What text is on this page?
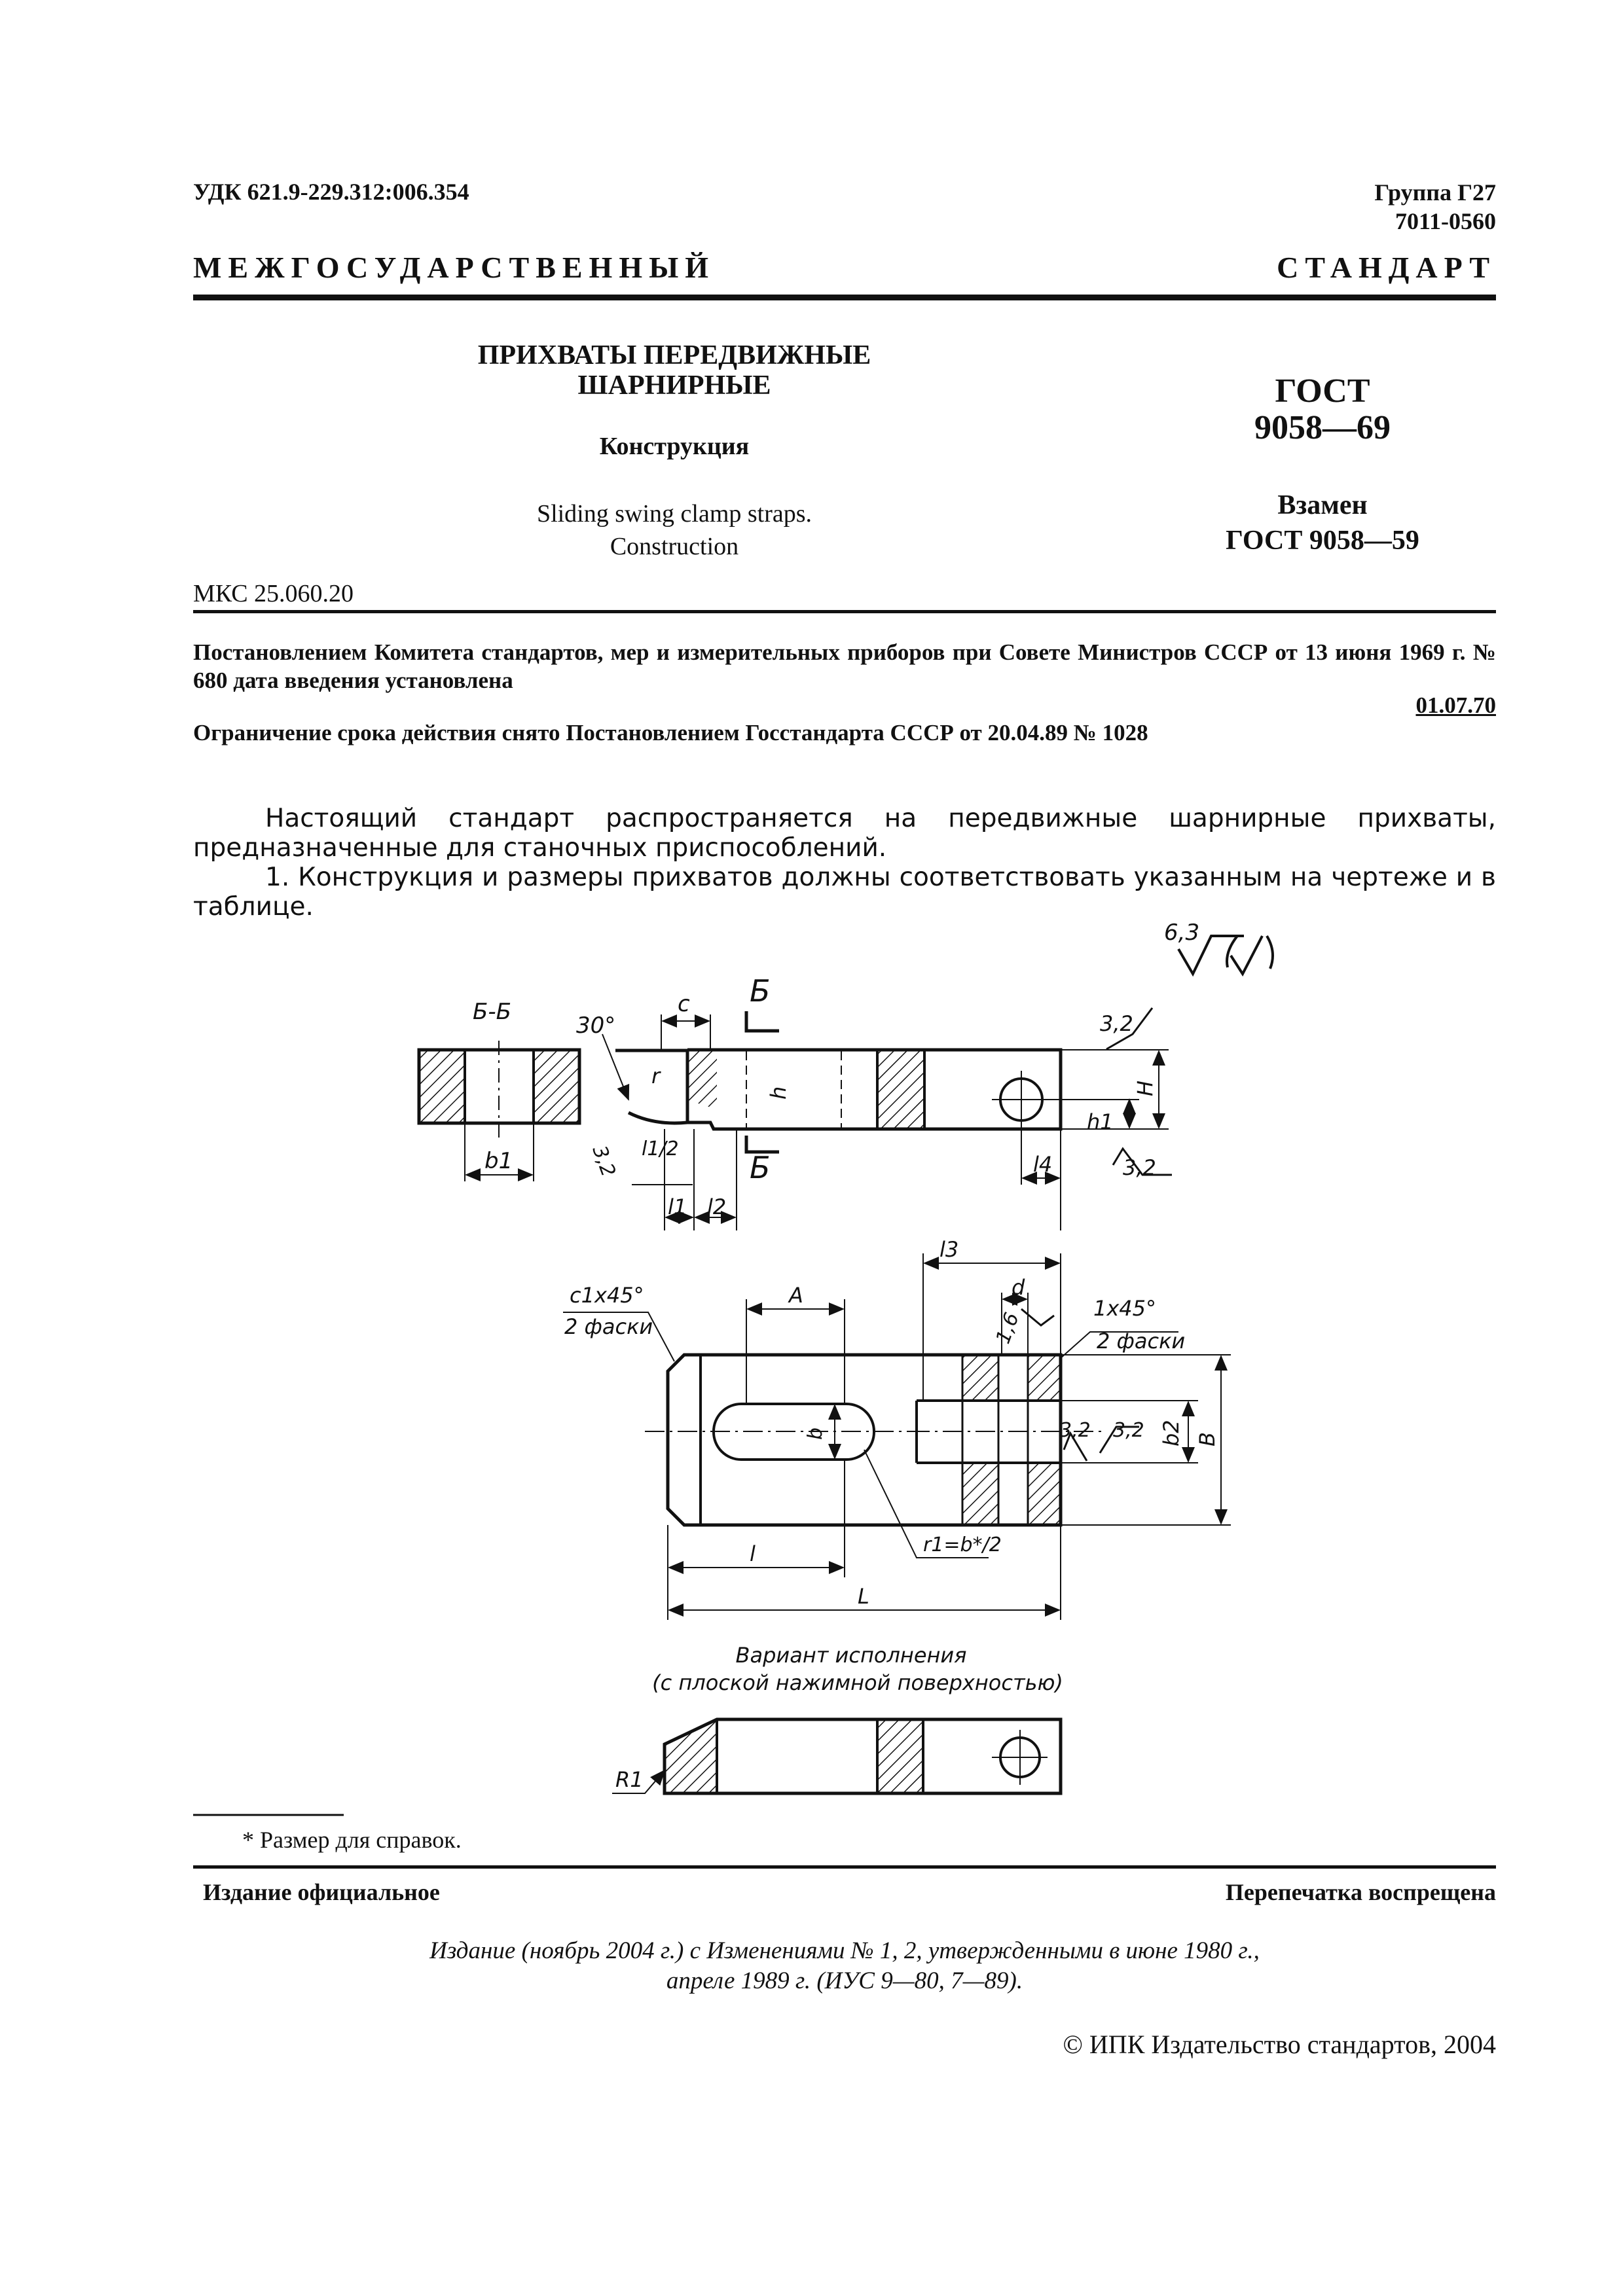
УДК 621.9-229.312:006.354	Группа Г27
7011-0560
МЕЖГОСУДАРСТВЕННЫЙ СТАНДАРТ
ПРИХВАТЫ ПЕРЕДВИЖНЫЕ
ШАРНИРНЫЕ
Конструкция
Sliding swing clamp straps.
Construction
ГОСТ
9058—69
Взамен
ГОСТ 9058—59
МКС 25.060.20
Постановлением Комитета стандартов, мер и измерительных приборов при Совете Министров СССР от 13 июня 1969 г. № 680 дата введения установлена
01.07.70
Ограничение срока действия снято Постановлением Госстандарта СССР от 20.04.89 № 1028
Настоящий стандарт распространяется на передвижные шарнирные прихваты, предназначенные для станочных приспособлений.
1. Конструкция и размеры прихватов должны соответствовать указанным на чертеже и в таблице.
6,3
Б-Б
b1
30°
c Б
Б
r
h	H
h1
l4
l1 l2
l1/2
3,2
3,2
3,2
l3
d
A
1,6
c1x45°
2 фаски
1x45°
2 фаски
b	b2 B
3,2 3,2
l
L
r1=b*/2
Вариант исполнения
(с плоской нажимной поверхностью)
R1
* Размер для справок.
Издание официальное	Перепечатка воспрещена
Издание (ноябрь 2004 г.) с Изменениями № 1, 2, утвержденными в июне 1980 г.,
апреле 1989 г. (ИУС 9—80, 7—89).
© ИПК Издательство стандартов, 2004
